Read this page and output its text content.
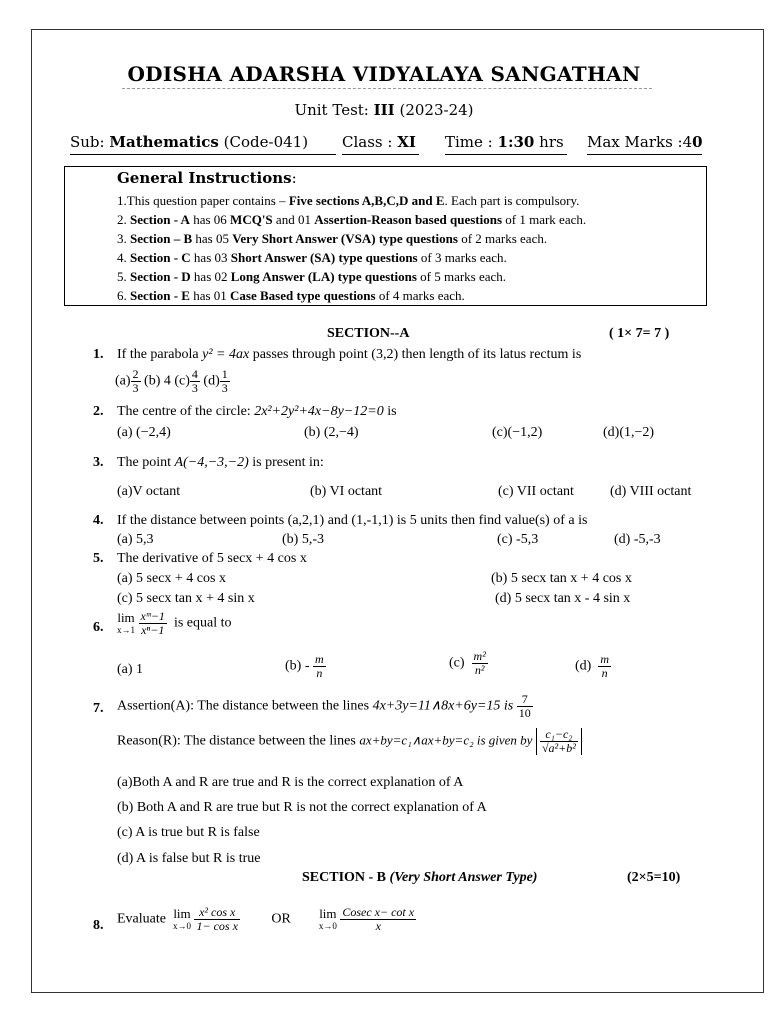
ODISHA ADARSHA VIDYALAYA SANGATHAN
Unit Test: III (2023-24)
Sub: Mathematics (Code-041) Class : XI Time : 1:30 hrs Max Marks :40
General Instructions:
1.This question paper contains – Five sections A,B,C,D and E. Each part is compulsory.
2. Section - A has 06 MCQ'S and 01 Assertion-Reason based questions of 1 mark each.
3. Section – B has 05 Very Short Answer (VSA) type questions of 2 marks each.
4. Section - C has 03 Short Answer (SA) type questions of 3 marks each.
5. Section - D has 02 Long Answer (LA) type questions of 5 marks each.
6. Section - E has 01 Case Based type questions of 4 marks each.
SECTION--A	( 1× 7= 7 )
1. If the parabola y² = 4ax passes through point (3,2) then length of its latus rectum is
$(a) \frac{2}{3} (b)$ 4 $(c) \frac{4}{3} (d) \frac{1}{3}$
2. The centre of the circle: 2x²+2y²+4x−8y−12=0 is
(a) (−2,4)	(b) (2,−4)	(c)(−1,2)	(d)(1,−2)
3. The point A(−4,−3,−2) is present in:
(a)V octant	(b) VI octant	(c) VII octant	(d) VIII octant
4. If the distance between points (a,2,1) and (1,-1,1) is 5 units then find value(s) of a is
(a) 5,3	(b) 5,-3	(c) -5,3	(d) -5,-3
5. The derivative of 5 secx + 4 cos x
(a) 5 secx + 4 cos x	(b) 5 secx tan x + 4 cos x
(c) 5 secx tan x + 4 sin x	(d) 5 secx tan x - 4 sin x
6.
lim
x→1
$\frac{\text{xᵐ−1}}{\text{xⁿ−1}}$ is equal to
(a) 1	$(b) - \frac{m}{n}$	$(c) \frac{\text{m²}}{\text{n²}}$	$(d) \frac{m}{n}$
7. Assertion(A): The distance between the lines 4x+3y=11∧8x+6y=15 is $\frac{7}{10}$
Reason(R): The distance between the lines ax+by=c₁∧ax+by=c₂ is given by $\frac{\text{c₁−c₂}}{\text{√a²+b²}}$
(a)Both A and R are true and R is the correct explanation of A
(b) Both A and R are true but R is not the correct explanation of A
(c) A is true but R is false
(d) A is false but R is true
SECTION - B (Very Short Answer Type)	(2×5=10)
8. Evaluate lim
x→0
$\frac{\text{x² cos x}}{\text{1− cos x}}$ OR lim
x→0
$\frac{\text{Cosec x− cot x}}{x}$
